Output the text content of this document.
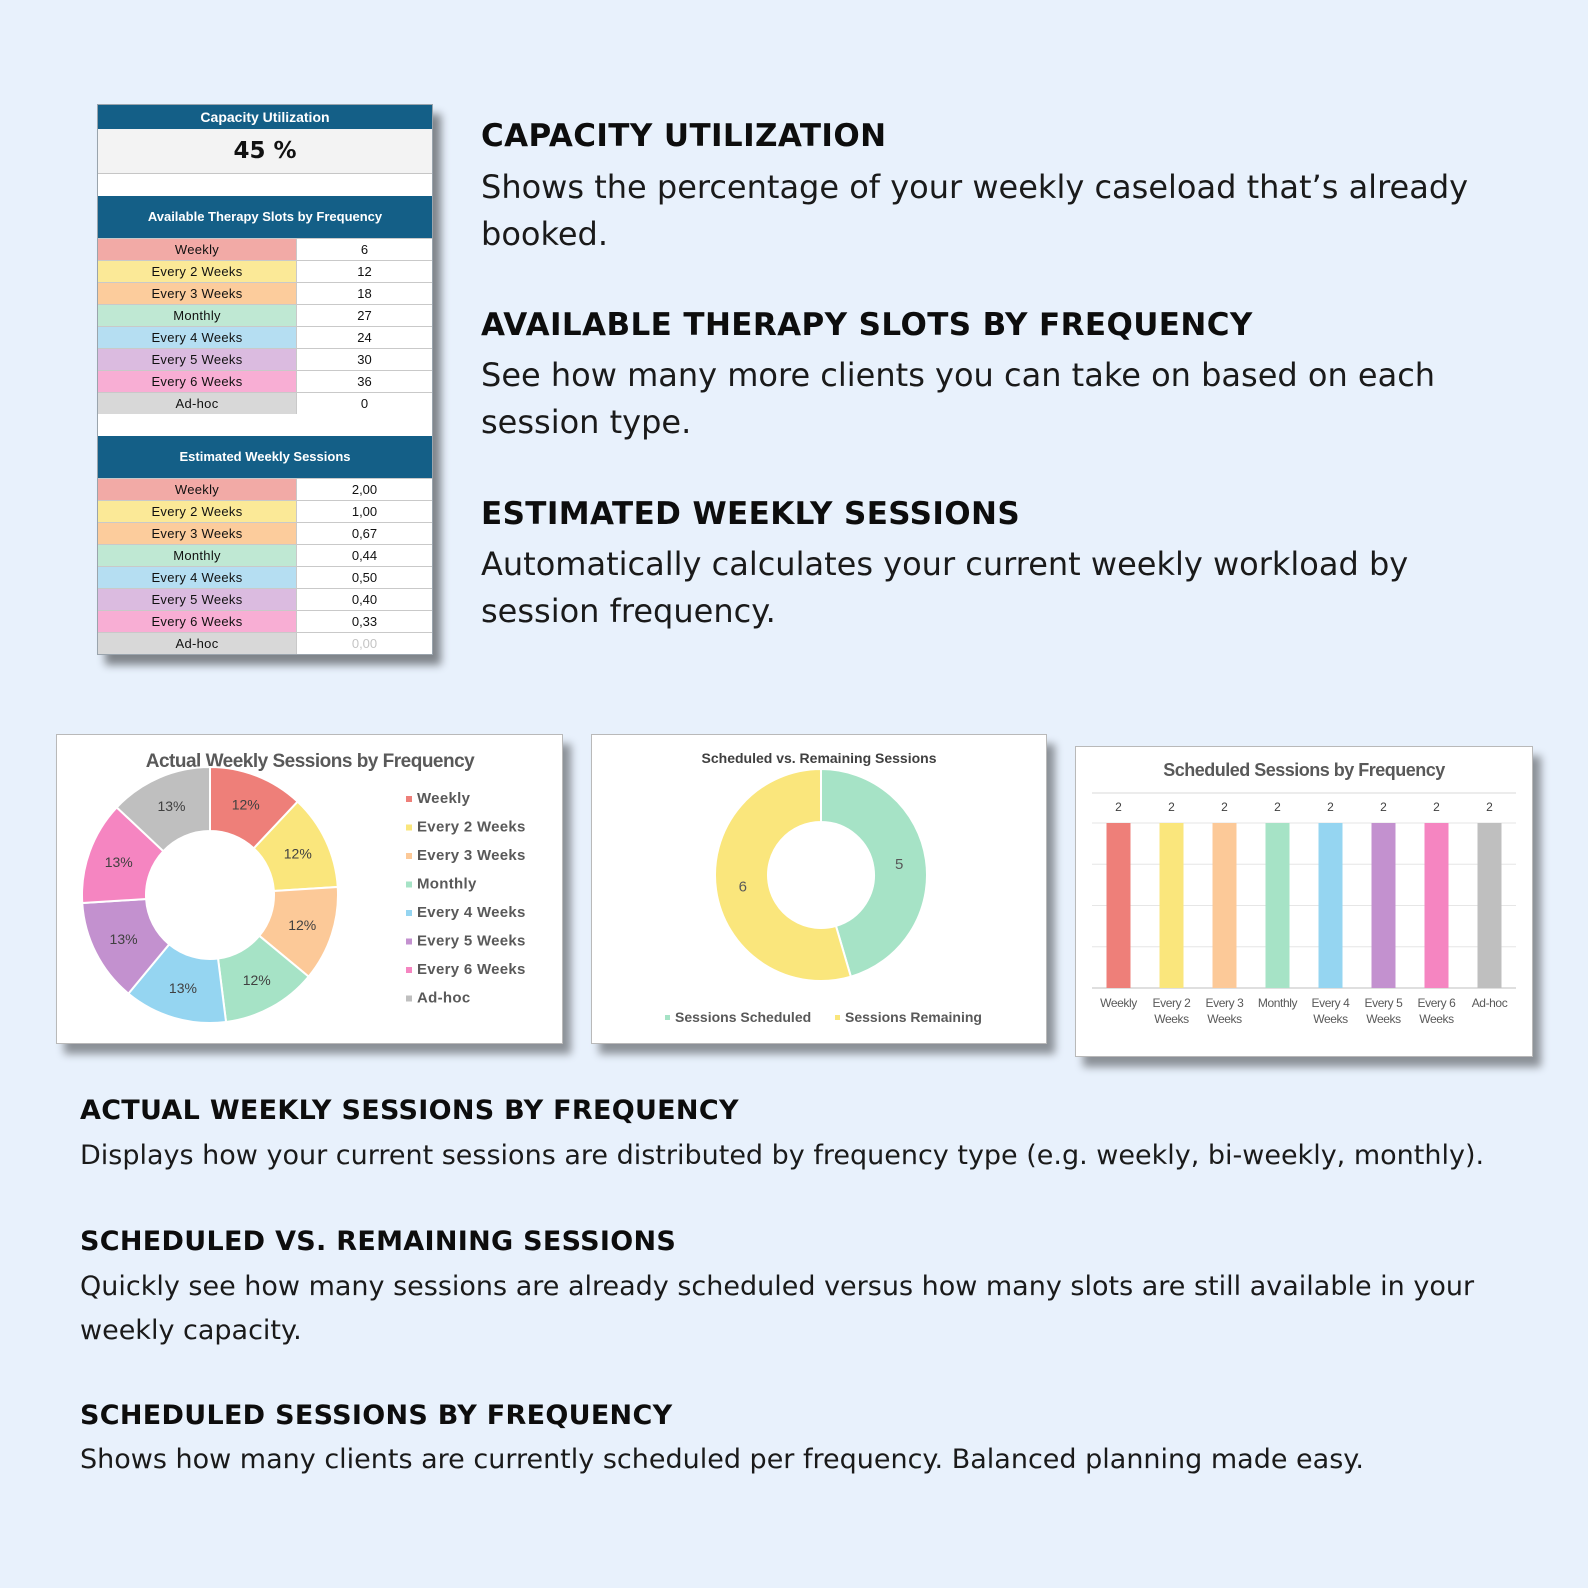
Capacity Utilization
45 %
Available Therapy Slots by Frequency
Weekly	6
Every 2 Weeks	12
Every 3 Weeks	18
Monthly	27
Every 4 Weeks	24
Every 5 Weeks	30
Every 6 Weeks	36
Ad-hoc	0
Estimated Weekly Sessions
Weekly	2,00
Every 2 Weeks	1,00
Every 3 Weeks	0,67
Monthly	0,44
Every 4 Weeks	0,50
Every 5 Weeks	0,40
Every 6 Weeks	0,33
Ad-hoc	0,00
CAPACITY UTILIZATION
Shows the percentage of your weekly caseload that’s already booked.
AVAILABLE THERAPY SLOTS BY FREQUENCY
See how many more clients you can take on based on each session type.
ESTIMATED WEEKLY SESSIONS
Automatically calculates your current weekly workload by session frequency.
Actual Weekly Sessions by Frequency
12%
12%
12%
12%
13%
13%
13%
13%	Weekly
Every 2 Weeks
Every 3 Weeks
Monthly
Every 4 Weeks
Every 5 Weeks
Every 6 Weeks
Ad-hoc
Scheduled vs. Remaining Sessions
5
6
Sessions Scheduled Sessions Remaining
Scheduled Sessions by Frequency
2
Weekly
2
Every 2
Weeks
2
Every 3
Weeks
2
Monthly
2
Every 4
Weeks
2
Every 5
Weeks
2
Every 6
Weeks
2
Ad-hoc
ACTUAL WEEKLY SESSIONS BY FREQUENCY
Displays how your current sessions are distributed by frequency type (e.g. weekly, bi-weekly, monthly).
SCHEDULED VS. REMAINING SESSIONS
Quickly see how many sessions are already scheduled versus how many slots are still available in your weekly capacity.
SCHEDULED SESSIONS BY FREQUENCY
Shows how many clients are currently scheduled per frequency. Balanced planning made easy.
